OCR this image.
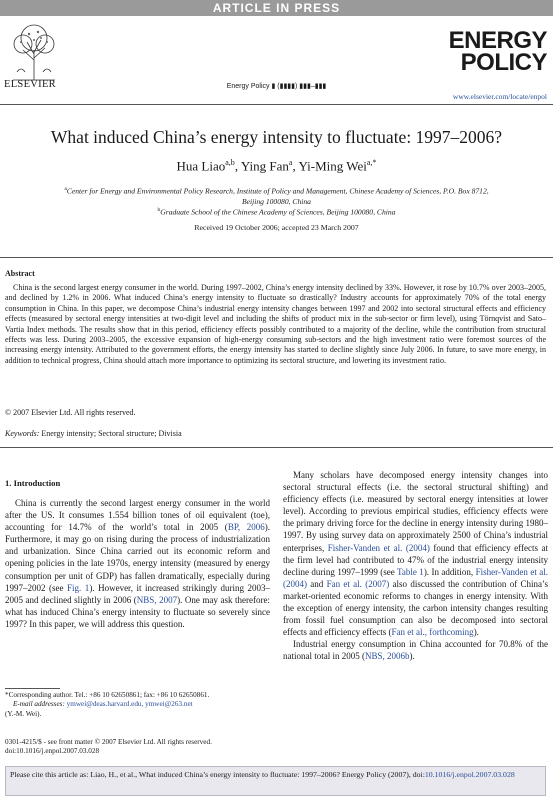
ARTICLE IN PRESS
ELSEVIER	Energy Policy ▮ (▮▮▮▮) ▮▮▮–▮▮▮
ENERGY
POLICY
www.elsevier.com/locate/enpol
What induced China’s energy intensity to fluctuate: 1997–2006?
Hua Liao$^{a,b}$, Ying Fan$^a$, Yi-Ming Wei$^{a,*}$
$^a$Center for Energy and Environmental Policy Research, Institute of Policy and Management, Chinese Academy of Sciences, P.O. Box 8712,
Beijing 100080, China
$^b$Graduate School of the Chinese Academy of Sciences, Beijing 100080, China
Received 19 October 2006; accepted 23 March 2007
Abstract
China is the second largest energy consumer in the world. During 1997–2002, China’s energy intensity declined by 33%. However, it rose by 10.7% over 2003–2005, and declined by 1.2% in 2006. What induced China’s energy intensity to fluctuate so drastically? Industry accounts for approximately 70% of the total energy consumption in China. In this paper, we decompose China’s industrial energy intensity changes between 1997 and 2002 into sectoral structural effects and efficiency effects (measured by sectoral energy intensities at two-digit level and including the shifts of product mix in the sub-sector or firm level), using Törnqvist and Sato–Vartia Index methods. The results show that in this period, efficiency effects possibly contributed to a majority of the decline, while the contribution from structural effects was less. During 2003–2005, the excessive expansion of high-energy consuming sub-sectors and the high investment ratio were foremost sources of the increasing energy intensity. Attributed to the government efforts, the energy intensity has started to decline slightly since July 2006. In future, to save more energy, in addition to technical progress, China should attach more importance to optimizing its sectoral structure, and lowering its investment ratio.
© 2007 Elsevier Ltd. All rights reserved.
Keywords: Energy intensity; Sectoral structure; Divisia
1. Introduction

China is currently the second largest energy consumer in the world after the US. It consumes 1.554 billion tones of oil equivalent (toe), accounting for 14.7% of the world’s total in 2005 (BP, 2006). Furthermore, it may go on rising during the process of industrialization and urbanization. Since China carried out its economic reform and opening policies in the late 1970s, energy intensity (measured by energy consumption per unit of GDP) has fallen dramatically, especially during 1997–2002 (see Fig. 1). However, it increased strikingly during 2003–2005 and declined slightly in 2006 (NBS, 2007). One may ask therefore: what has induced China’s energy intensity to fluctuate so severely since 1997? In this paper, we will address this question.

Many scholars have decomposed energy intensity changes into sectoral structural effects (i.e. the sectoral structural shifting) and efficiency effects (i.e. measured by sectoral energy intensities at lower level). According to previous empirical studies, efficiency effects were the primary driving force for the decline in energy intensity during 1980–1997. By using survey data on approximately 2500 of China’s industrial enterprises, Fisher-Vanden et al. (2004) found that efficiency effects at the firm level had contributed to 47% of the industrial energy intensity decline during 1997–1999 (see Table 1). In addition, Fisher-Vanden et al. (2004) and Fan et al. (2007) also discussed the contribution of China’s market-oriented economic reforms to changes in energy intensity. With the exception of energy intensity, the carbon intensity changes resulting from fossil fuel consumption can also be decomposed into sectoral effects and efficiency effects (Fan et al., forthcoming).

Industrial energy consumption in China accounted for 70.8% of the national total in 2005 (NBS, 2006b).

*Corresponding author. Tel.: +86 10 62650861; fax: +86 10 62650861.
E-mail addresses: ymwei@deas.harvard.edu, ymwei@263.net
(Y.-M. Wei).
0301-4215/$ - see front matter © 2007 Elsevier Ltd. All rights reserved.
doi:10.1016/j.enpol.2007.03.028
Please cite this article as: Liao, H., et al., What induced China’s energy intensity to fluctuate: 1997–2006? Energy Policy (2007), doi:10.1016/j.enpol.2007.03.028
